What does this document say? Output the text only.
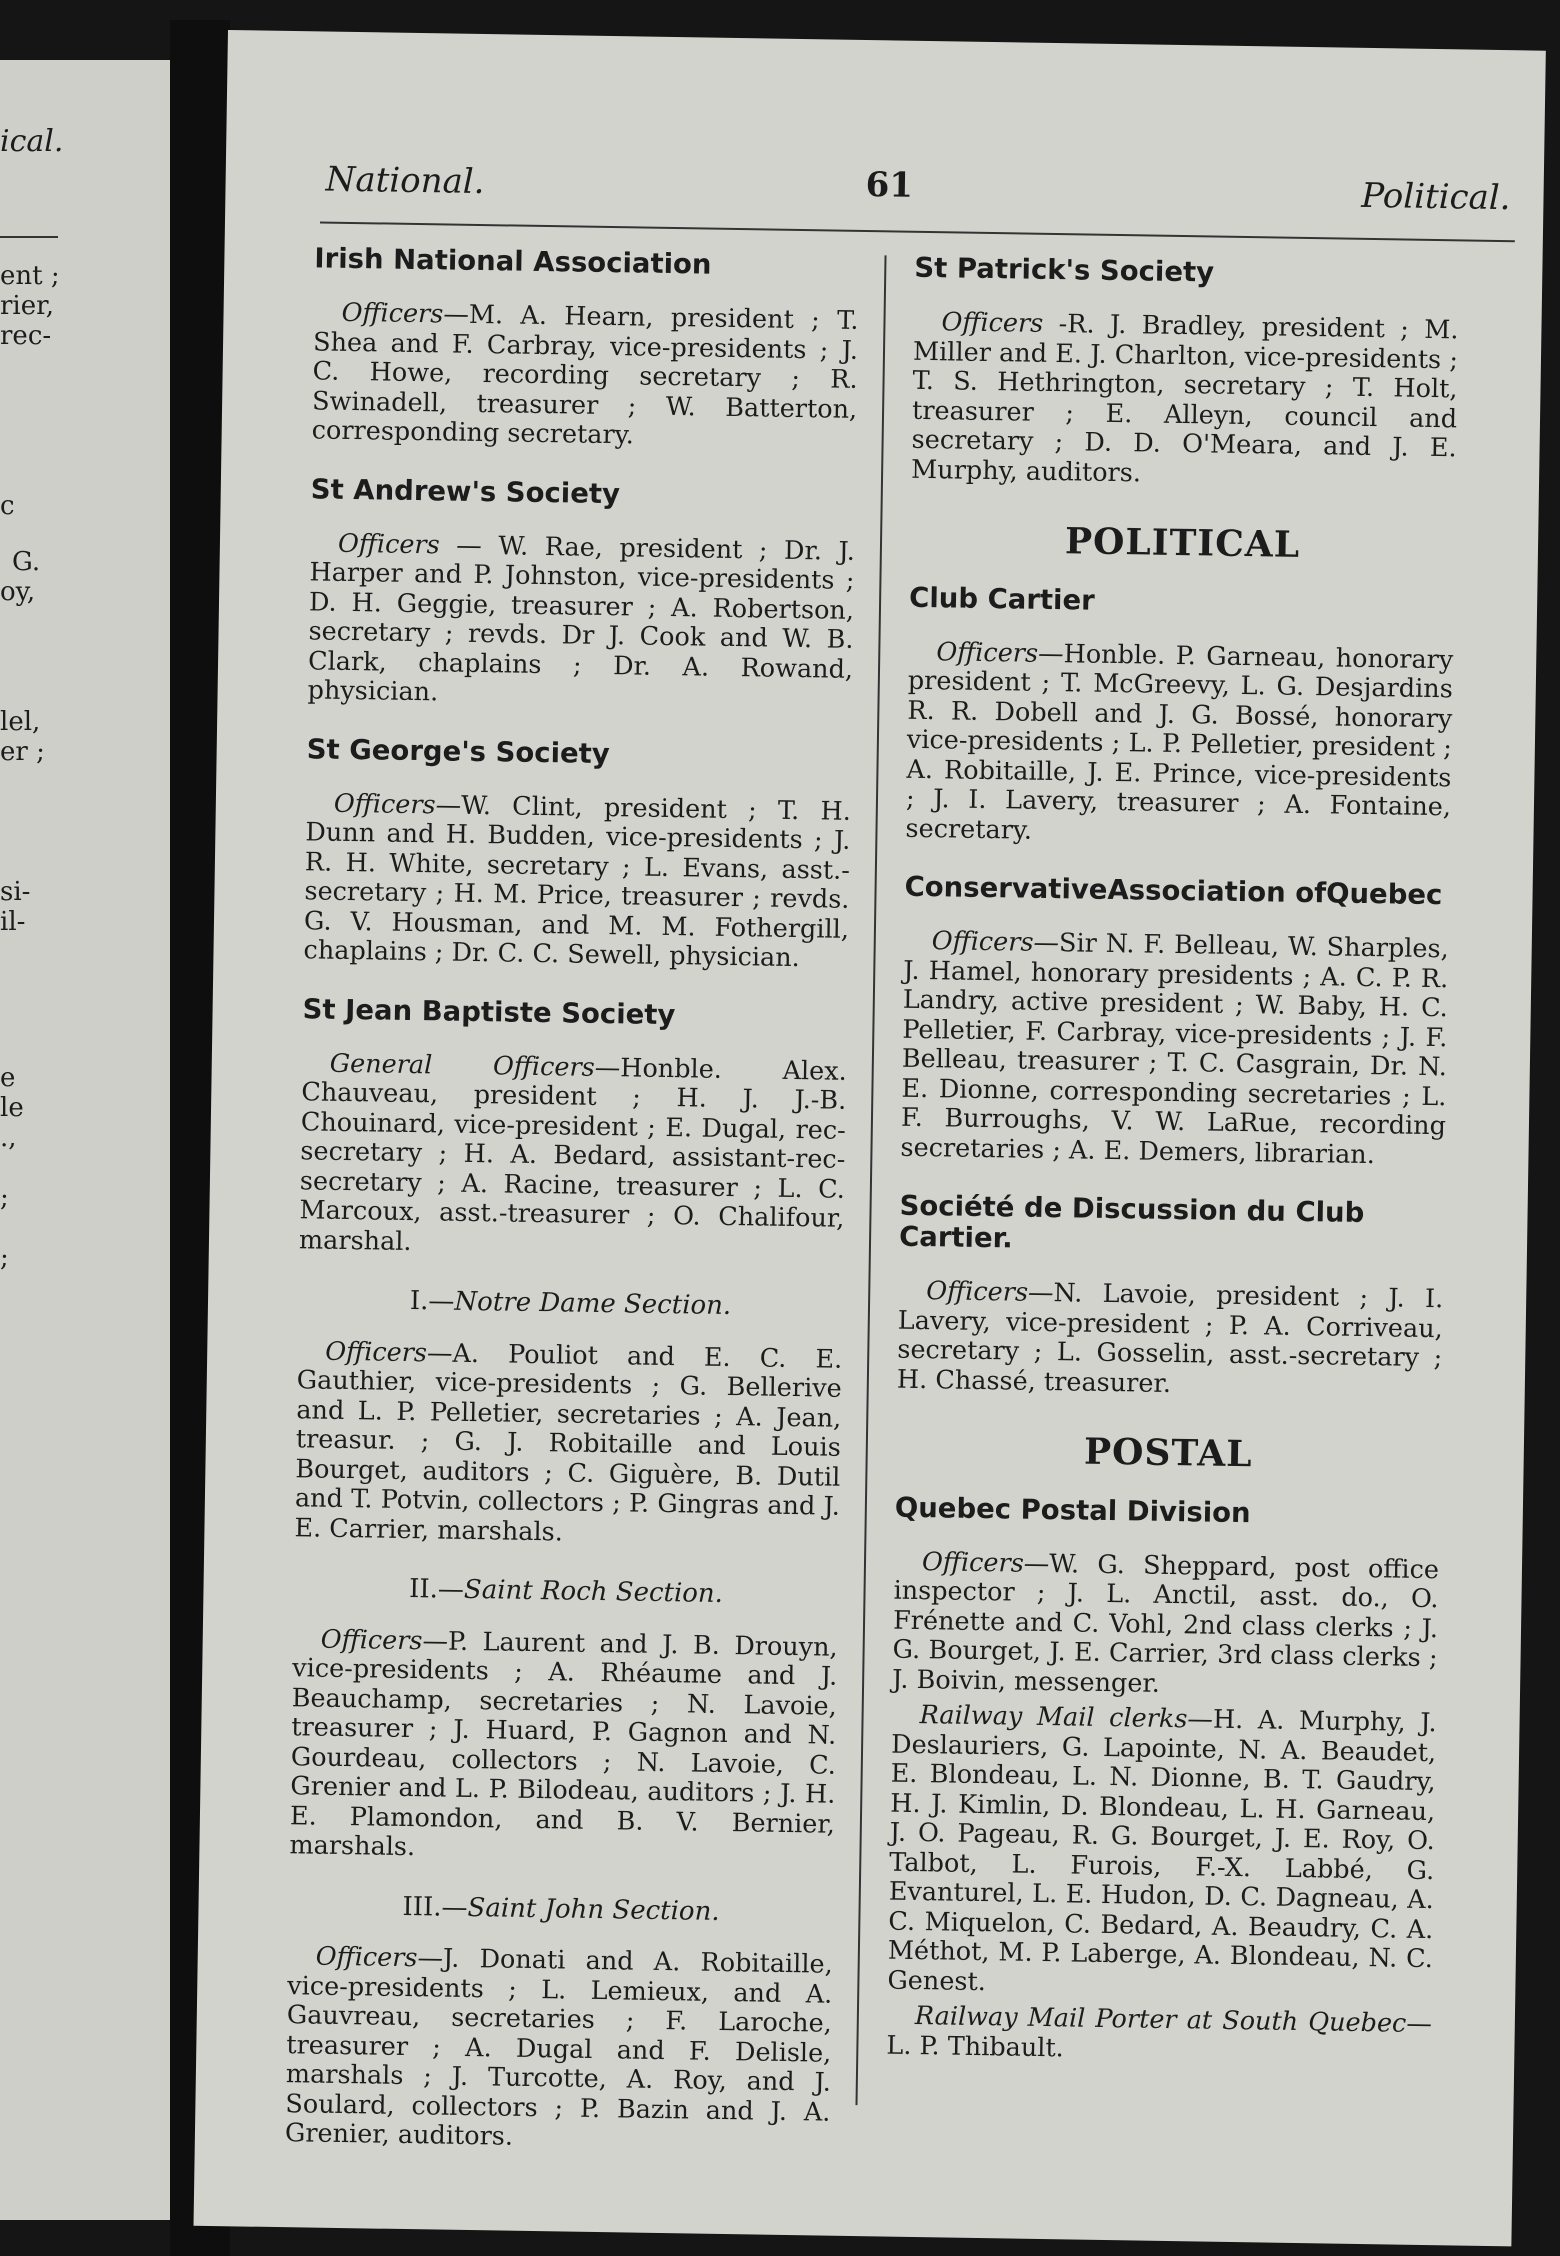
ical.
ent ;
rier,
rec-
c
G.
oy,
lel,
er ;
si-
il-
e
le
.,
;
;
National.	61	Political.
Irish National Association

Officers—M. A. Hearn, president ; T. Shea and F. Carbray, vice-presidents ; J. C. Howe, recording secretary ; R. Swinadell, treasurer ; W. Batterton, corresponding secretary.

St Andrew's Society

Officers — W. Rae, president ; Dr. J. Harper and P. Johnston, vice-presidents ; D. H. Geggie, treasurer ; A. Robertson, secretary ; revds. Dr J. Cook and W. B. Clark, chaplains ; Dr. A. Rowand, physician.

St George's Society

Officers—W. Clint, president ; T. H. Dunn and H. Budden, vice-presidents ; J. R. H. White, secretary ; L. Evans, asst.-secretary ; H. M. Price, treasurer ; revds. G. V. Housman, and M. M. Fothergill, chaplains ; Dr. C. C. Sewell, physician.

St Jean Baptiste Society

General Officers—Honble. Alex. Chauveau, president ; H. J. J.-B. Chouinard, vice-president ; E. Dugal, rec-secretary ; H. A. Bedard, assistant-rec-secretary ; A. Racine, treasurer ; L. C. Marcoux, asst.-treasurer ; O. Chalifour, marshal.

I.—Notre Dame Section.

Officers—A. Pouliot and E. C. E. Gauthier, vice-presidents ; G. Bellerive and L. P. Pelletier, secretaries ; A. Jean, treasur. ; G. J. Robitaille and Louis Bourget, auditors ; C. Giguère, B. Dutil and T. Potvin, collectors ; P. Gingras and J. E. Carrier, marshals.

II.—Saint Roch Section.

Officers—P. Laurent and J. B. Drouyn, vice-presidents ; A. Rhéaume and J. Beauchamp, secretaries ; N. Lavoie, treasurer ; J. Huard, P. Gagnon and N. Gourdeau, collectors ; N. Lavoie, C. Grenier and L. P. Bilodeau, auditors ; J. H. E. Plamondon, and B. V. Bernier, marshals.

III.—Saint John Section.

Officers—J. Donati and A. Robitaille, vice-presidents ; L. Lemieux, and A. Gauvreau, secretaries ; F. Laroche, treasurer ; A. Dugal and F. Delisle, marshals ; J. Turcotte, A. Roy, and J. Soulard, collectors ; P. Bazin and J. A. Grenier, auditors.

St Patrick's Society

Officers -R. J. Bradley, president ; M. Miller and E. J. Charlton, vice-presidents ; T. S. Hethrington, secretary ; T. Holt, treasurer ; E. Alleyn, council and secretary ; D. D. O'Meara, and J. E. Murphy, auditors.

POLITICAL
Club Cartier

Officers—Honble. P. Garneau, honorary president ; T. McGreevy, L. G. Desjardins R. R. Dobell and J. G. Bossé, honorary vice-presidents ; L. P. Pelletier, president ; A. Robitaille, J. E. Prince, vice-presidents ; J. I. Lavery, treasurer ; A. Fontaine, secretary.

ConservativeAssociation ofQuebec

Officers—Sir N. F. Belleau, W. Sharples, J. Hamel, honorary presidents ; A. C. P. R. Landry, active president ; W. Baby, H. C. Pelletier, F. Carbray, vice-presidents ; J. F. Belleau, treasurer ; T. C. Casgrain, Dr. N. E. Dionne, corresponding secretaries ; L. F. Burroughs, V. W. LaRue, recording secretaries ; A. E. Demers, librarian.

Société de Discussion du Club Cartier.

Officers—N. Lavoie, president ; J. I. Lavery, vice-president ; P. A. Corriveau, secretary ; L. Gosselin, asst.-secretary ; H. Chassé, treasurer.

POSTAL
Quebec Postal Division

Officers—W. G. Sheppard, post office inspector ; J. L. Anctil, asst. do., O. Frénette and C. Vohl, 2nd class clerks ; J. G. Bourget, J. E. Carrier, 3rd class clerks ; J. Boivin, messenger.

Railway Mail clerks—H. A. Murphy, J. Deslauriers, G. Lapointe, N. A. Beaudet, E. Blondeau, L. N. Dionne, B. T. Gaudry, H. J. Kimlin, D. Blondeau, L. H. Garneau, J. O. Pageau, R. G. Bourget, J. E. Roy, O. Talbot, L. Furois, F.-X. Labbé, G. Evanturel, L. E. Hudon, D. C. Dagneau, A. C. Miquelon, C. Bedard, A. Beaudry, C. A. Méthot, M. P. Laberge, A. Blondeau, N. C. Genest.

Railway Mail Porter at South Quebec— L. P. Thibault.
